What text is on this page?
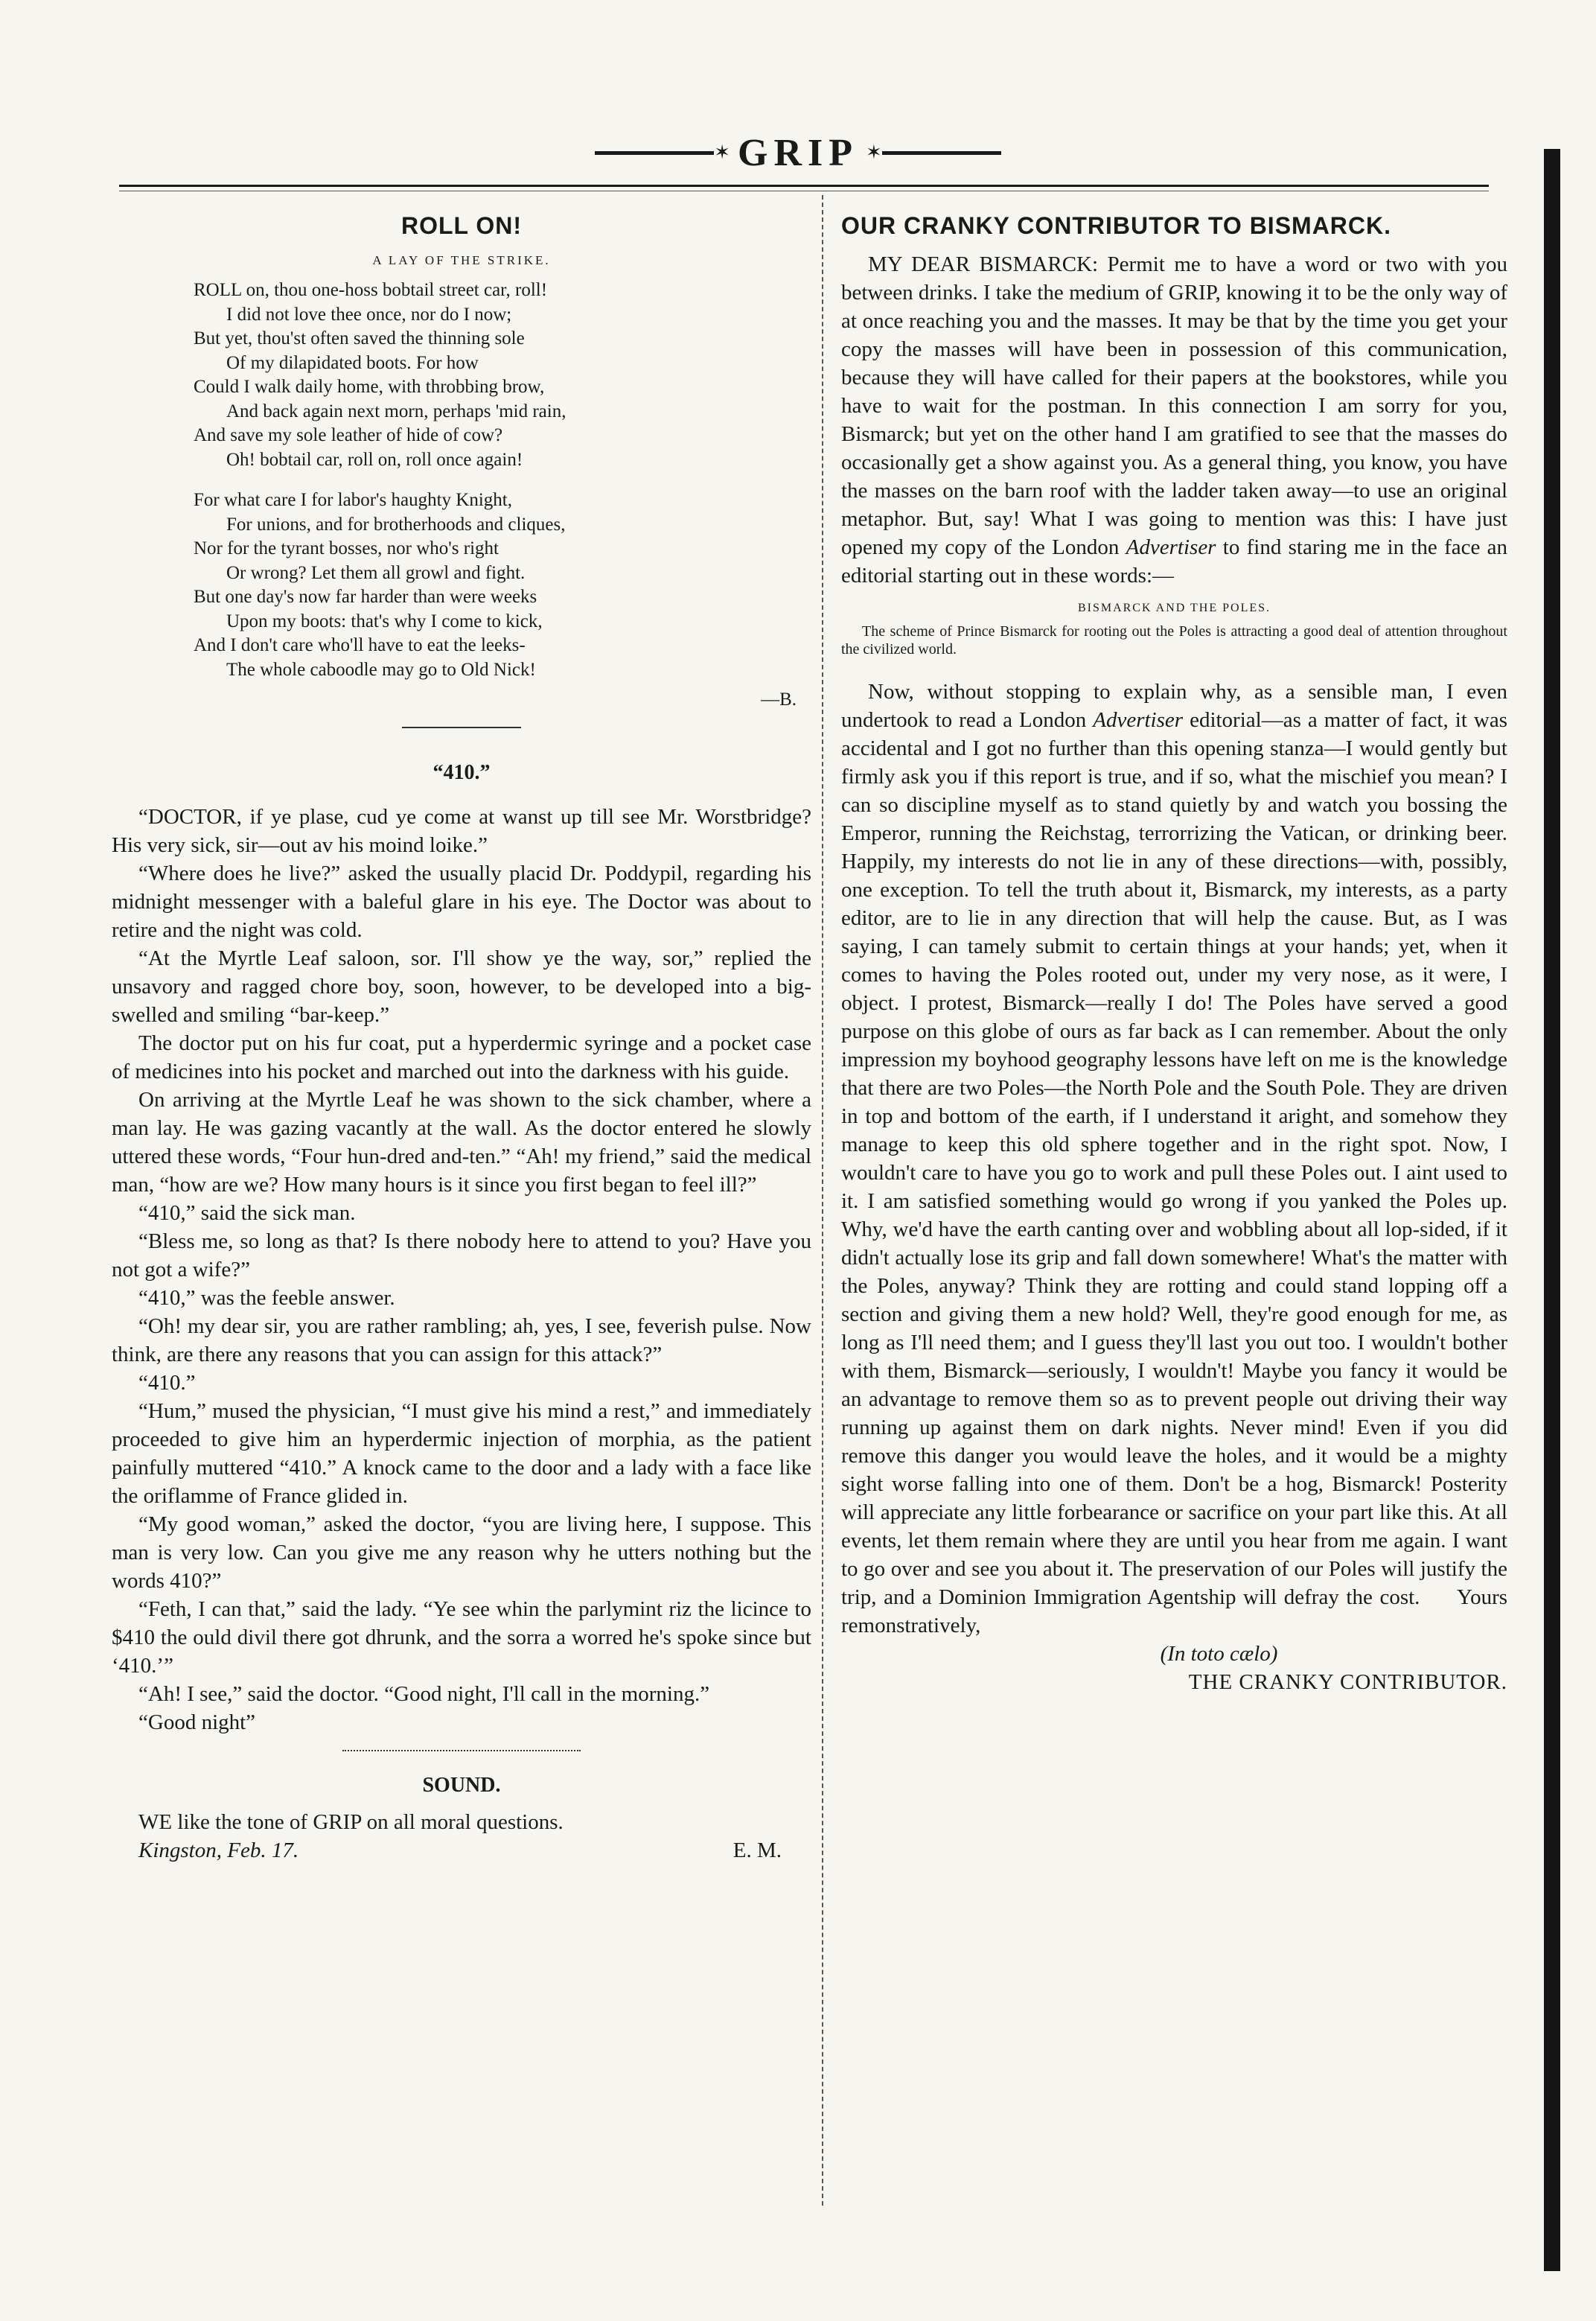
✶ GRIP ✶
ROLL ON!
A LAY OF THE STRIKE.
ROLL on, thou one-hoss bobtail street car, roll!
I did not love thee once, nor do I now;
But yet, thou'st often saved the thinning sole
Of my dilapidated boots. For how
Could I walk daily home, with throbbing brow,
And back again next morn, perhaps 'mid rain,
And save my sole leather of hide of cow?
Oh! bobtail car, roll on, roll once again!
For what care I for labor's haughty Knight,
For unions, and for brotherhoods and cliques,
Nor for the tyrant bosses, nor who's right
Or wrong? Let them all growl and fight.
But one day's now far harder than were weeks
Upon my boots: that's why I come to kick,
And I don't care who'll have to eat the leeks-
The whole caboodle may go to Old Nick!
—B.
“410.”

“DOCTOR, if ye plase, cud ye come at wanst up till see Mr. Worstbridge? His very sick, sir—out av his moind loike.”

“Where does he live?” asked the usually placid Dr. Poddypil, regarding his midnight messenger with a baleful glare in his eye. The Doctor was about to retire and the night was cold.

“At the Myrtle Leaf saloon, sor. I'll show ye the way, sor,” replied the unsavory and ragged chore boy, soon, however, to be developed into a big-swelled and smiling “bar-keep.”

The doctor put on his fur coat, put a hyperdermic syringe and a pocket case of medicines into his pocket and marched out into the darkness with his guide.

On arriving at the Myrtle Leaf he was shown to the sick chamber, where a man lay. He was gazing vacantly at the wall. As the doctor entered he slowly uttered these words, “Four hun-dred and-ten.” “Ah! my friend,” said the medical man, “how are we? How many hours is it since you first began to feel ill?”

“410,” said the sick man.

“Bless me, so long as that? Is there nobody here to attend to you? Have you not got a wife?”

“410,” was the feeble answer.

“Oh! my dear sir, you are rather rambling; ah, yes, I see, feverish pulse. Now think, are there any reasons that you can assign for this attack?”

“410.”

“Hum,” mused the physician, “I must give his mind a rest,” and immediately proceeded to give him an hyperdermic injection of morphia, as the patient painfully muttered “410.” A knock came to the door and a lady with a face like the oriflamme of France glided in.

“My good woman,” asked the doctor, “you are living here, I suppose. This man is very low. Can you give me any reason why he utters nothing but the words 410?”

“Feth, I can that,” said the lady. “Ye see whin the parlymint riz the licince to $410 the ould divil there got dhrunk, and the sorra a worred he's spoke since but ‘410.’”

“Ah! I see,” said the doctor. “Good night, I'll call in the morning.”

“Good night”

SOUND.

WE like the tone of GRIP on all moral questions.

Kingston, Feb. 17.	E. M.
OUR CRANKY CONTRIBUTOR TO BISMARCK.

MY DEAR BISMARCK: Permit me to have a word or two with you between drinks. I take the medium of GRIP, knowing it to be the only way of at once reaching you and the masses. It may be that by the time you get your copy the masses will have been in possession of this communication, because they will have called for their papers at the bookstores, while you have to wait for the postman. In this connection I am sorry for you, Bismarck; but yet on the other hand I am gratified to see that the masses do occasionally get a show against you. As a general thing, you know, you have the masses on the barn roof with the ladder taken away—to use an original metaphor. But, say! What I was going to mention was this: I have just opened my copy of the London Advertiser to find staring me in the face an editorial starting out in these words:—

BISMARCK AND THE POLES.

The scheme of Prince Bismarck for rooting out the Poles is attracting a good deal of attention throughout the civilized world.

Now, without stopping to explain why, as a sensible man, I even undertook to read a London Advertiser editorial—as a matter of fact, it was accidental and I got no further than this opening stanza—I would gently but firmly ask you if this report is true, and if so, what the mischief you mean? I can so discipline myself as to stand quietly by and watch you bossing the Emperor, running the Reichstag, terrorrizing the Vatican, or drinking beer. Happily, my interests do not lie in any of these directions—with, possibly, one exception. To tell the truth about it, Bismarck, my interests, as a party editor, are to lie in any direction that will help the cause. But, as I was saying, I can tamely submit to certain things at your hands; yet, when it comes to having the Poles rooted out, under my very nose, as it were, I object. I protest, Bismarck—really I do! The Poles have served a good purpose on this globe of ours as far back as I can remember. About the only impression my boyhood geography lessons have left on me is the knowledge that there are two Poles—the North Pole and the South Pole. They are driven in top and bottom of the earth, if I understand it aright, and somehow they manage to keep this old sphere together and in the right spot. Now, I wouldn't care to have you go to work and pull these Poles out. I aint used to it. I am satisfied something would go wrong if you yanked the Poles up. Why, we'd have the earth canting over and wobbling about all lop-sided, if it didn't actually lose its grip and fall down somewhere! What's the matter with the Poles, anyway? Think they are rotting and could stand lopping off a section and giving them a new hold? Well, they're good enough for me, as long as I'll need them; and I guess they'll last you out too. I wouldn't bother with them, Bismarck—seriously, I wouldn't! Maybe you fancy it would be an advantage to remove them so as to prevent people out driving their way running up against them on dark nights. Never mind! Even if you did remove this danger you would leave the holes, and it would be a mighty sight worse falling into one of them. Don't be a hog, Bismarck! Posterity will appreciate any little forbearance or sacrifice on your part like this. At all events, let them remain where they are until you hear from me again. I want to go over and see you about it. The preservation of our Poles will justify the trip, and a Dominion Immigration Agentship will defray the cost. Yours remonstratively,

(In toto cælo)
THE CRANKY CONTRIBUTOR.
